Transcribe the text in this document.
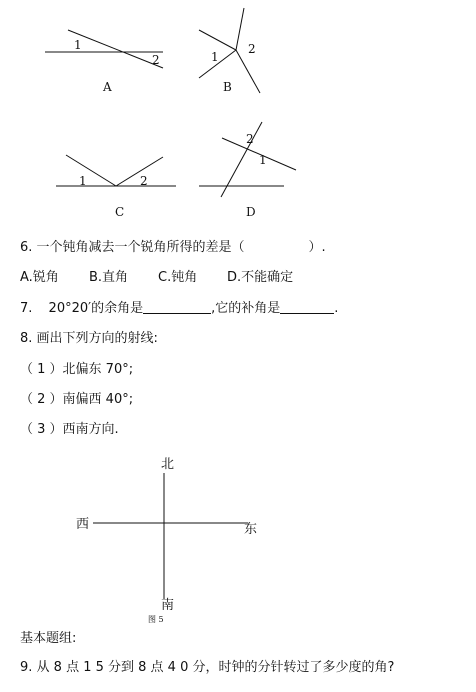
1
2
A
1
2
B
1	2
C
2
1
D
北
南
西	东
图 5
6. 一个钝角减去一个锐角所得的差是（	）.
A.锐角 B.直角 C.钝角 D.不能确定
7. 20°20′的余角是	,它的补角是	.
8. 画出下列方向的射线:
（ 1 ）北偏东 70°;
（ 2 ）南偏西 40°;
（ 3 ）西南方向.
基本题组:
9. 从 8 点 1 5 分到 8 点 4 0 分，时钟的分针转过了多少度的角?
